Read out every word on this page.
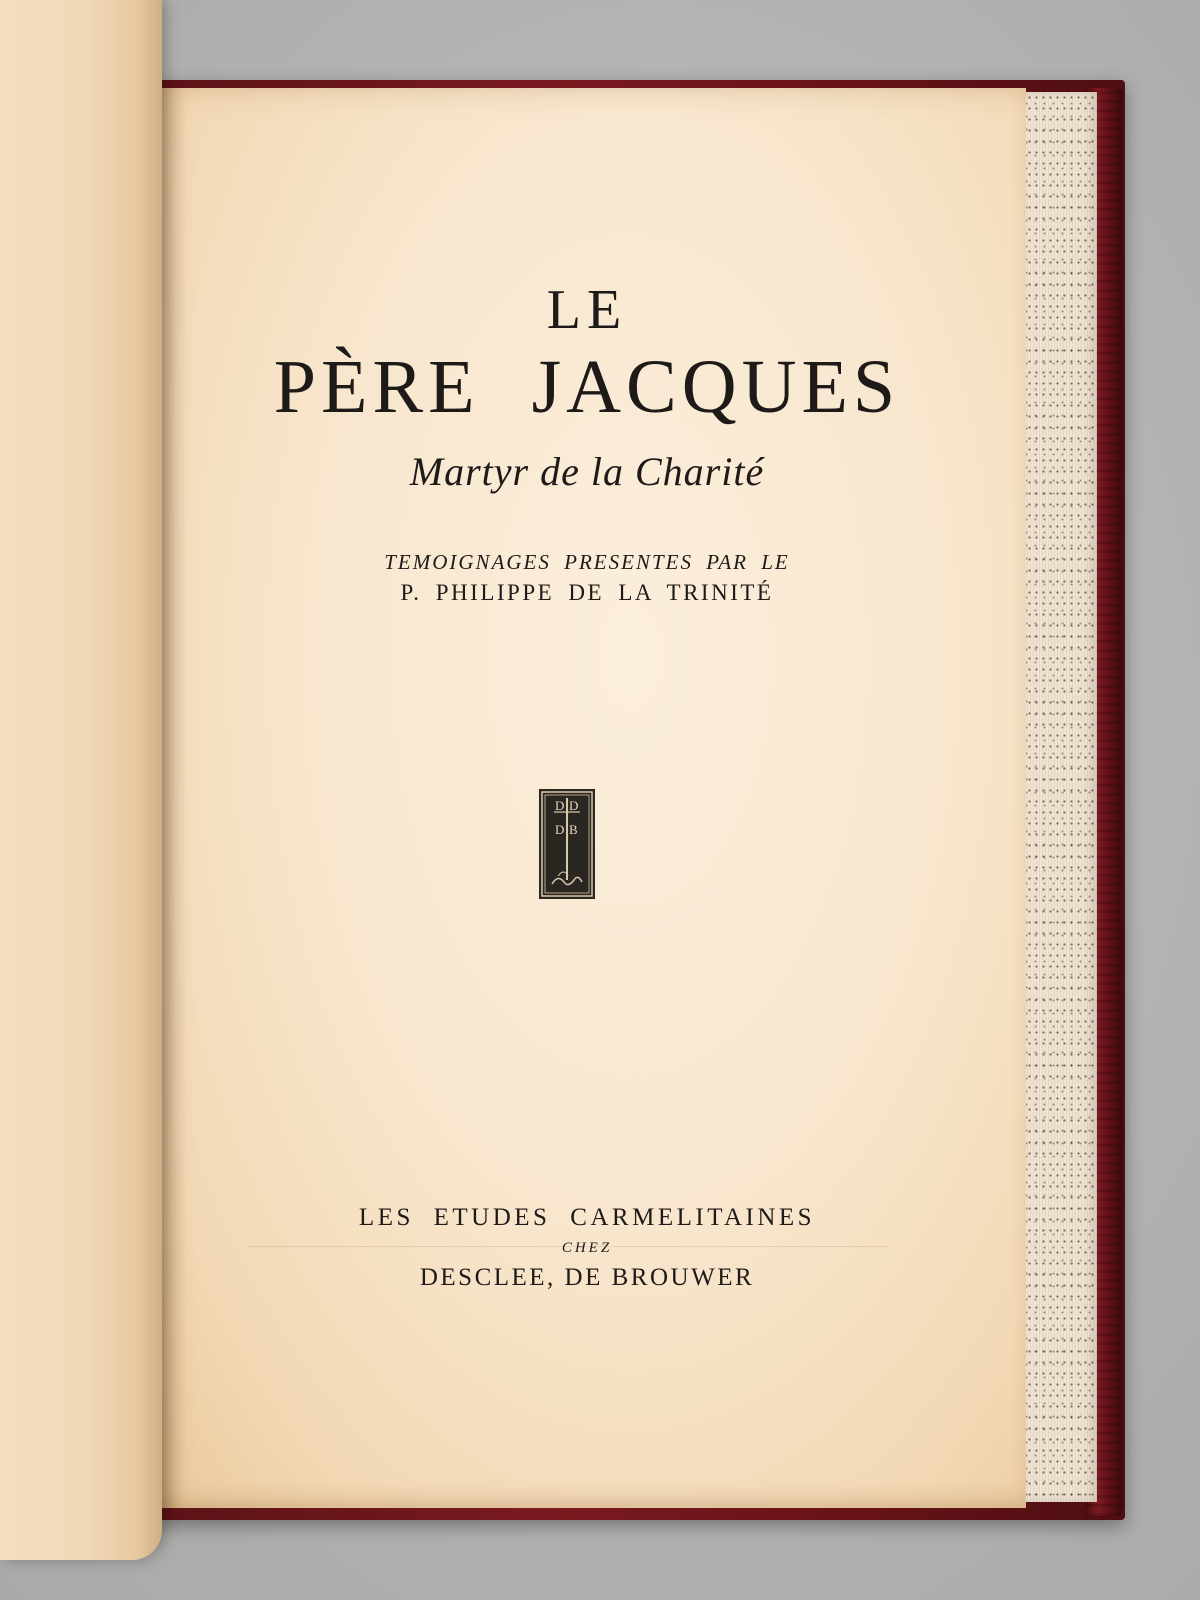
LE
PÈRE JACQUES
Martyr de la Charité
TEMOIGNAGES PRESENTES PAR LE
P. PHILIPPE DE LA TRINITÉ
D D
D B
LES ETUDES CARMELITAINES
CHEZ
DESCLEE, DE BROUWER
